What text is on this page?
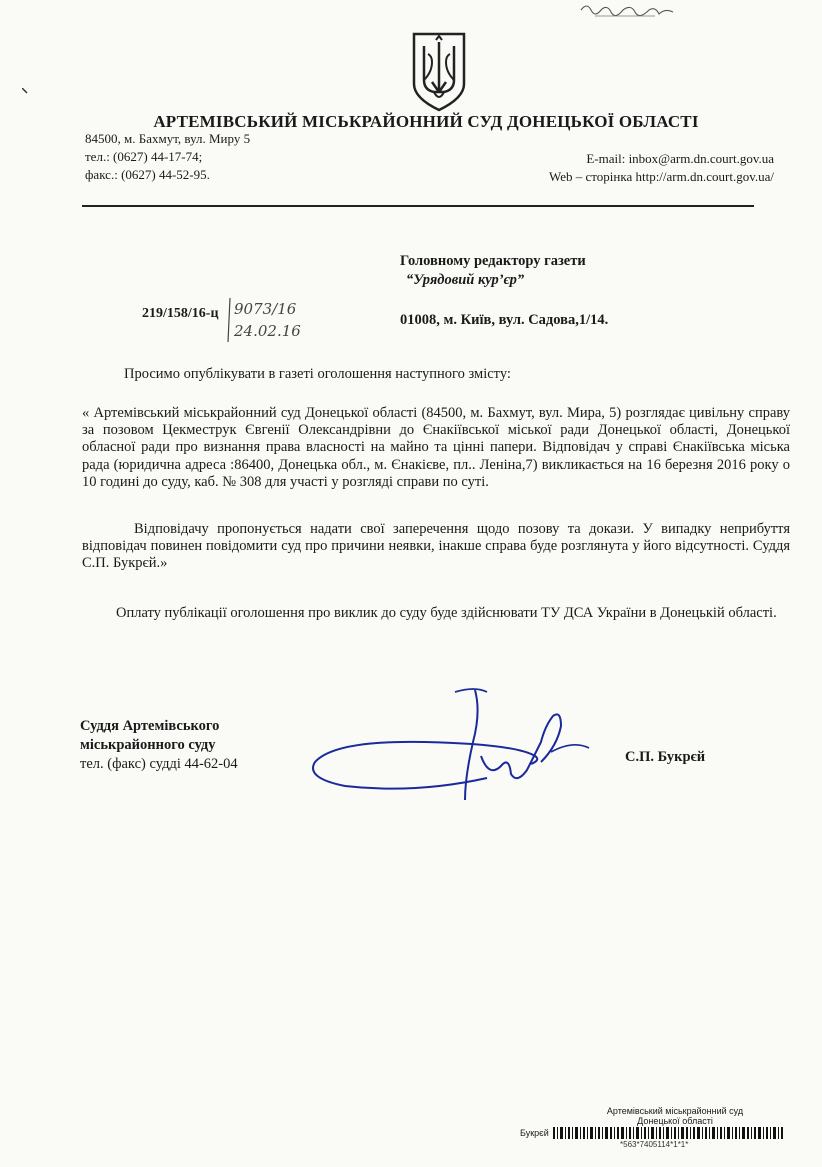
АРТЕМІВСЬКИЙ МІСЬКРАЙОННИЙ СУД ДОНЕЦЬКОЇ ОБЛАСТІ
84500, м. Бахмут, вул. Миру 5
тел.: (0627) 44-17-74;
факс.: (0627) 44-52-95.
E-mail: inbox@arm.dn.court.gov.ua
Web – сторінка http://arm.dn.court.gov.ua/
Головному редактору газети
“Урядовий кур’єр”
219/158/16-ц 9073/16
24.02.16
01008, м. Київ, вул. Садова,1/14.
Просимо опублікувати в газеті оголошення наступного змісту:
« Артемівський міськрайонний суд Донецької області (84500, м. Бахмут, вул. Мира, 5) розглядає цивільну справу за позовом Цекместрук Євгенії Олександрівни до Єнакіївської міської ради Донецької області, Донецької обласної ради про визнання права власності на майно та цінні папери. Відповідач у справі Єнакіївська міська рада (юридична адреса :86400, Донецька обл., м. Єнакієве, пл.. Леніна,7) викликається на 16 березня 2016 року о 10 годині до суду, каб. № 308 для участі у розгляді справи по суті.
Відповідачу пропонується надати свої заперечення щодо позову та докази. У випадку неприбуття відповідач повинен повідомити суд про причини неявки, інакше справа буде розглянута у його відсутності. Суддя С.П. Букрєй.»
Оплату публікації оголошення про виклик до суду буде здійснювати ТУ ДСА України в Донецькій області.
Суддя Артемівського
міськрайонного суду
тел. (факс) судді 44-62-04	С.П. Букрєй
Артемівський міськрайонний суд
Донецької області
Букрєй
*563*7405114*1*1*
